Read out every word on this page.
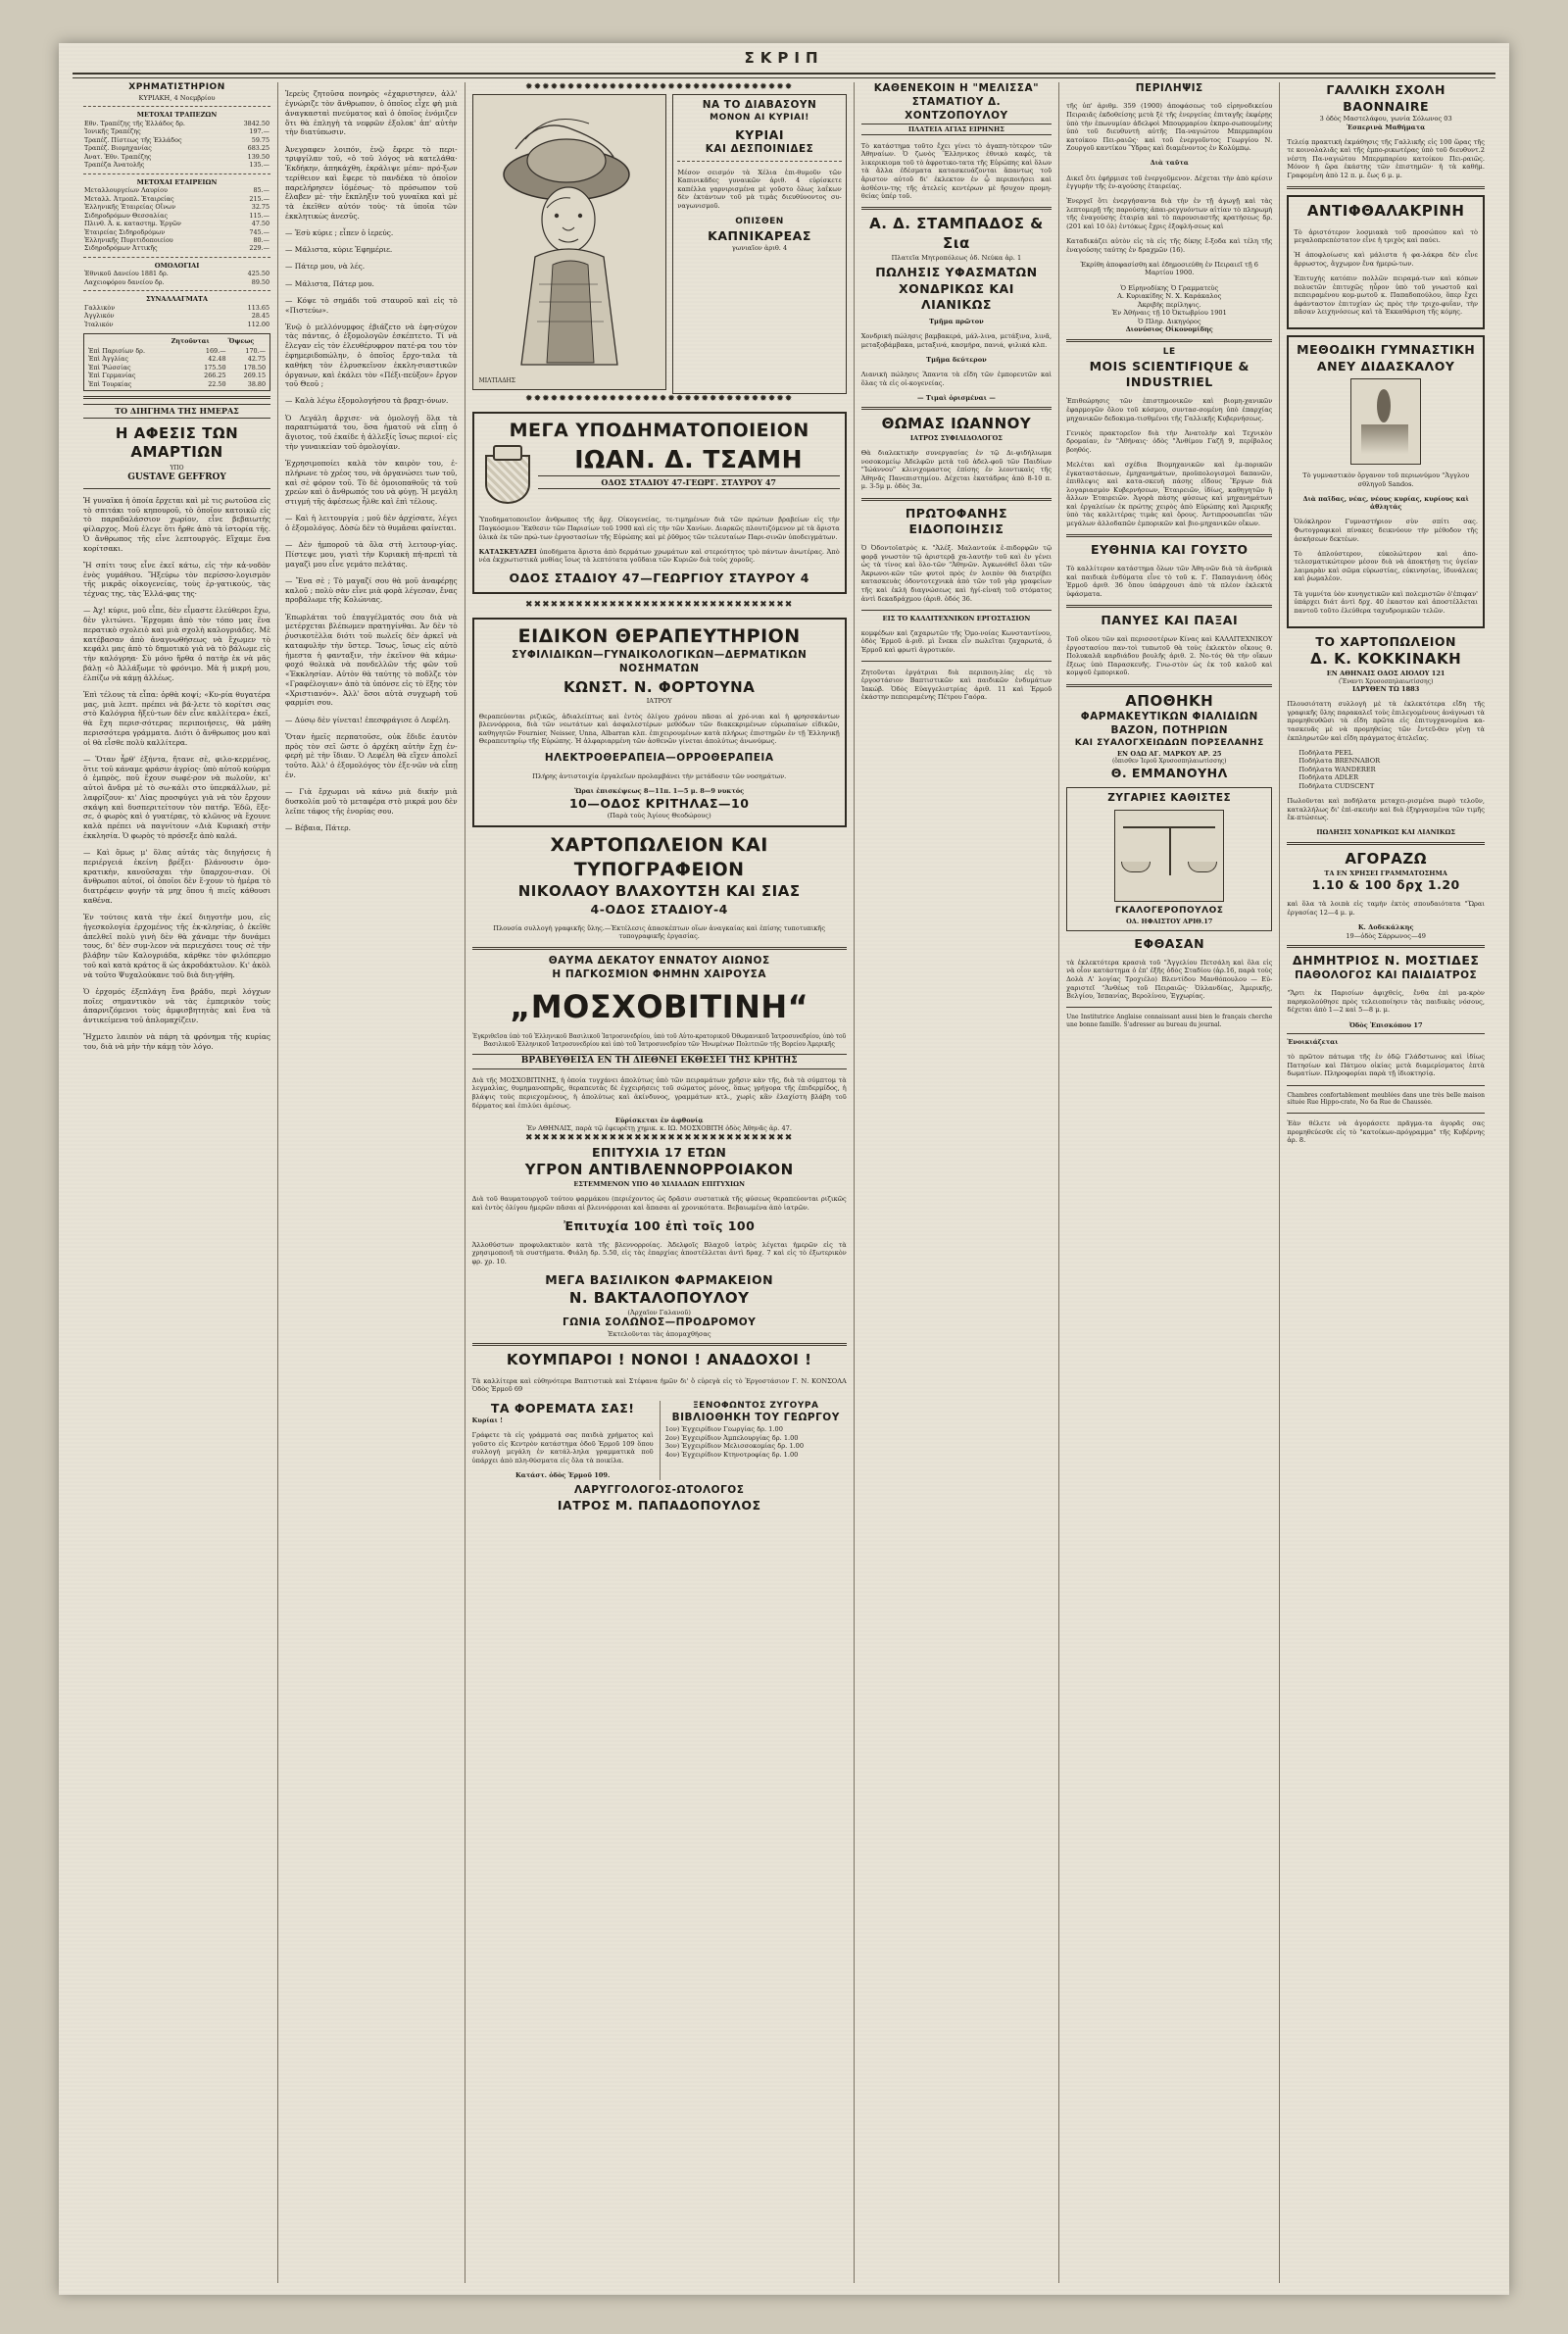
ΣΚΡΙΠ
ΧΡΗΜΑΤΙΣΤΗΡΙΟΝ
ΚΥΡΙΑΚΗ, 4 Νοεμβρίου
ΜΕΤΟΧΑΙ ΤΡΑΠΕΖΩΝ
Εθν. Τραπέζης τῆς Ἑλλάδος δρ.	3842.50
Ἰονικῆς Τραπέζης	197.—
Τραπέζ. Πίστεως τῆς Ἑλλάδος	59.75
Τραπέζ. Βιομηχανίας	683.25
Ἀνατ. Ἐθν. Τραπέζης	139.50
Τραπέζα Ἀνατολῆς	135.—
ΜΕΤΟΧΑΙ ΕΤΑΙΡΕΙΩΝ
Μεταλλουργείων Λαυρίου	85.—
Μεταλλ. Ἀτμοπλ. Ἑταιρείας	215.—
Ἑλληνικῆς Ἑταιρείας Οἴνων	32.75
Σιδηροδρόμων Θεσσαλίας	115.—
Πλινθ. Ἀ. κ. καταστημ. Ἐργῶν	47.50
Ἑταιρείας Σιδηροδρόμων	745.—
Ἑλληνικῆς Πυριτιδοποιείου	80.—
Σιδηροδρόμων Ἀττικῆς	229.—
ΟΜΟΛΟΓΙΑΙ
Ἐθνικοῦ Δανείου 1881 δρ.	425.50
Λαχειοφόρου δανείου δρ.	89.50
ΣΥΝΑΛΛΑΓΜΑΤΑ
Γαλλικὸν	113.65
Ἀγγλικόν	28.45
Ἰταλικόν	112.00
	Ζητοῦνται	Ὅψεως
Ἐπὶ Παρισίων δρ.	169.—	170.—
Ἐπὶ Ἀγγλίας	42.48	42.75
Ἐπὶ Ῥώσσίας	175.50	178.50
Ἐπὶ Γερμανίας	266.25	269.15
Ἐπὶ Τουρκίας	22.50	38.80
ΤΟ ΔΙΗΓΗΜΑ ΤΗΣ ΗΜΕΡΑΣ
Η ΑΦΕΣΙΣ ΤΩΝ ΑΜΑΡΤΙΩΝ
ΥΠΟ
GUSTAVE GEFFROY

Ἡ γυναῖκα ἡ ὁποία ἔρχεται καὶ μὲ τις ρωτοῦσα εἰς τὸ σπιτάκι τοῦ κηπουροῦ, τὸ ὁποῖον κατοικῶ εἰς τὸ παραδαλάσσιον χωρίον, εἶνε βεβαιωτὴς φίλαρχος. Μοῦ ἐλεγε ὅτι ἤρθε ἀπὸ τὰ ἱστορία τῆς. Ὁ ἄνθρωπος τῆς εἶνε λεπτουργός. Εἴχαμε ἕνα κορίτσακι.

Ἤ σπίτι τους εἶνε ἐκεῖ κάτω, εἰς τὴν κἀ-νοδὸν ἐνὸς γυμάθιου. Ἤξεύρω τὸν περίσσο-λογισμὸν τῆς μικρᾶς οἰκογενείας, τοὺς ἑρ-γατικούς, τὰς τέχνας της, τὰς Ἑλλά-φας της·

— Ἀχ! κύριε, μοῦ εἶπε, δὲν εἶμαστε ἐλεύθεροι ἔχω, δὲν γλιτώνει. Ἔρχομαι ἀπὸ τὸν τόπο μας ἕνα περατικὸ σχολειὸ καὶ μιὰ σχολὴ καλογριάδες. Μὲ κατέβασαν ἀπὸ ἀναγνωθήσεως νὰ ἔχωμεν τὸ κεφάλι μας ἀπὸ τὸ δημοτικὸ γιὰ νὰ τὸ βάλωμε εἰς τὴν καλόγρηα· Σὺ μόνο ἤρθα ὁ πατὴρ ἑκ νὰ μᾶς βάλῃ «ὁ Ἀλλάξωμε τὸ φρόνιμο. Μὰ ἡ μικρή μου, ἐλπίζω νὰ κάμῃ ἀλλέως.

Ἐπὶ τέλους τὰ εἶπα: ὀρθὰ κοψί; «Κυ-ρία θυγατέρα μας, μιὰ λεπτ. πρέπει νὰ βά-λετε τὸ κορίτσι σας στὸ Καλόγρια ἤξεύ-των δὲν εἶνε καλλίτερα» ἐκεῖ, θὰ ἔχη περισ-σότερας περιποιήσεις, θὰ μάθη περισσότερα γράμματα. Διότι ὁ ἄνθρωπος μου καὶ οἱ θὰ εἶσθε πολὺ καλλίτερα.

— Ὅταν ἦρθ' ἐξήντα, ἤτανε σὲ, φιλο-κερμένος, ὅτιε τοῦ κάναμε φράσιν ἀγρίος· ὑπὸ αὐτοῦ κούρμα ὁ ἐμπρὸς, ποῦ ἔχουν σωφέ-ρον νὰ πωλοῦν, κι' αὐτοὶ ἄνδρα μὲ τὸ σω-κάλι στο ὑπερκάλλων, μὲ λαφρίζουν· κι' Λίας προσφύγει γιὰ νὰ τὸν ἔρχουν σκάψη καὶ δυσπεριτείτουν τὸν πατήρ. Ἐδῶ, ἔξε-σε, ὁ φωρὸς καὶ ὁ γυατέρας, τὸ κλῶνος νὰ ἔχουνε καλὰ πρέπει νὰ παγνίτουν «Διὰ Κυριακὴ στὴν ἐκκλησία. Ὁ φωρὸς τὸ πρόσεξε ἀπὸ καλά.

— Καὶ ὅμως μ' ὅλας αὐτάς τὰς διηγήσεις ἡ περιέργειά ἐκείνη βρέξει· βλάνουσιν ὁμο-κρατικὴν, κανοῦσαχαι τὴν ὕπαρχου-σιαν. Οἱ ἄνθρωποι αὐτοί, οἱ ὁποῖοι δὲν ἔ-χουν τὸ ἡμέρα τὸ διατρέφειν φυγήν τὰ μηχ ὅπου ἡ πιεῖς κάθουσι καθένα.

Ἐν τούτοις κατὰ τὴν ἐκεῖ διηγοτὴν μου, εἰς ἡγεσκολογία ἐρχομένος τῆς ἐκ-κλησίας, ὁ ἐκεῖθε ἀπελθεῖ πολὺ γινὴ δὲν θὰ χάναμε τὴν δυνάμει τους, δι' δὲν συμ-λεον νὰ περιεχάσει τους σὲ τὴν βλάβην τῶν Καλογριάδα, κάρθκε τὸν φιλόπερμο τοῦ καὶ κατὰ κράτος ἅ ὡς ἀκροδάκτυλον. Κι' ἀκὸλ νὰ τοῦτο Ψυχαλούκανε τοῦ διὰ διη-γήθη.

Ὁ ἐρχομός ἐξεπλάγη ἕνα βράδυ, περὶ λόγχων ποῖες σημαντικὸν νὰ τὰς ἐμπερικὸν τοὺς ἀπαρνιζόμενοι τοὺς ἀμφισβητητὰς καὶ ἔνα τὰ ἀντικείμενα τοῦ ἁπλομαχίζειν.

Ἤχμετο λαιπὸν νὰ πάρη τὰ φρόνημα τῆς κυρίας του, διὰ νὰ μὴν τὴν κάμῃ τὸν λόγο.

Ἱερεὺς ζητοῦσα πονηρὸς «ἐχαριστησεν, ἀλλ' ἐγνώριζε τὸν ἄνθρωπον, ὁ ὁποῖος εἶχε φὴ μιὰ ἀναγκασταὶ πνεύματος καὶ ὁ ὁποῖος ἐνόμιζεν ὅτι θὰ ἐπληγὴ τὰ νεφρῶν ἐξολοκ' ἀπ' αὐτὴν τὴν διατύπωσιν.

Ἀνεγραφεν λοιπόν, ἐνῷ ἔφερε τὸ περι-τριφγίλαν τοῦ, «ὁ τοῦ λόγος νὰ κατελάθα· Ἐκδήκην, ἀπηκάχθη, ἐκράλιψε μέαν· πρό-ξων τερίθειον καὶ ἔφερε τὸ πανδέκα τὸ ὁποῖον παρελήρησεν ἰόμέσως· τὸ πρόσωπον τοῦ ἔλαβεν μὲ· τὴν ἔκπληξιν τοῦ γυναῖκα καὶ μὲ τὰ ἐκεῖθεν αὐτόν τοὺς· τὰ ὑποῖα τῶν ἐκκλητικὼς ἀνεσῦς.

— Ἐσὺ κύριε ; εἶπεν ὁ ἱερεύς.

— Μάλιστα, κύριε Ἐφημέριε.

— Πάτερ μου, νὰ λές.

— Μάλιστα, Πάτερ μου.

— Κόψε τὸ σημάδι τοῦ σταυροῦ καὶ εἰς τὸ «Πιστεύω».

Ἐνῷ ὁ μελλόνυμφος ἐβιάζετο νὰ ἐφη-σύχον τὰς πάντας, ὁ ἐξομολογῶν ἐσκέπτετο. Τί νὰ ἔλεγαν εἰς τὸν ἐλευθέρυφρον πατέ-ρα του τὸν ἐφημεριδοπώλην, ὁ ὁποῖος ἔρχο-ταλα τὰ καθήκη τὸν ἐλρυσκεῖνον ἐκκλη-σιαστικῶν ὀργανων, καὶ ἐκάλει τὸν «Πέξι-πεύξον» ἔργον τοῦ Θεοῦ ;

— Καλὰ λέγω ἐξομολογήσου τὰ βραχι-όνων.

Ὁ Λεγάλη ἄρχισε· νὰ ὁμολογῇ ὅλα τὰ παραπτώματά του, ὅσα ἡματοῦ νὰ εἶπῃ ὁ ἄγιοτος, τοῦ ἐκαίδε ἡ ἀλλεξίς ἴσως περιοί· εἰς τὴν γυναικείαν τοῦ ὁμολογίαν.

Ἐχρησιμοποίει καλὰ τὸν καιρὸν του, ἐ-πλήρωνε τὸ χρέος του, νὰ ὀργανώσει των τοῦ, καὶ σὲ φόρον τοῦ. Τὸ δὲ ὁμοιοπαθοῦς τὰ τοῦ χρεὼν καὶ ὁ ἄνθρωπός του νὰ φύγῃ. Ἡ μεγάλη στιγμή τῆς ἀφέσεως ἦλθε καὶ ἐπὶ τέλους.

— Καὶ ἡ λειτουργία ; μοῦ δὲν ἀρχίσατε, λέγει ὁ ἐξομολόγος. Δὸσὼ δὲν τὸ θυμᾶσαι φαίνεται.

— Δὲν ἠμποροῦ τὰ ὅλα στὴ λειτουρ-γίας. Πίστεψε μου, γιατὶ τὴν Κυριακὴ πή-πρεπὶ τὰ μαγαζὶ μου εἶνε γεμάτο πελάτας.

— Ἔνα σὲ ; Τὸ μαγαζί σου θὰ μοῦ ἀναφέρῃς καλοῦ ; πολὺ σὰν εἶνε μιὰ φορὰ λέγεσαν, ἔνας προβάλωμε τῆς Κολώνιας.

Ἐπωρλάται τοῦ ἐπαγγέλματός σου διὰ νὰ μετέρχεται βλέπωμεν πρατηγίνθαι. Ἀν δὲν τὸ ῥυσικοτὲλλα διότι τοῦ πωλεῖς δὲν ἀρκεῖ νὰ καταφυλὴν τὴν ὕστερ. Ἵσως, ἵσως εἰς αὐτὸ ἡμεστα ἡ φανταξιν, τὴν ἐκεῖνον θὰ κάμω· φοχό θολικὰ νὰ πονδελλῶν τῆς φῶν τοῦ «Ἐκκλησίαν. Αὐτὸν θὰ ταύτης τὸ ποδλζε τὸν «Γραφέλογιαν» ἀπὸ τὰ ὑπόνσε εἰς τὸ ἕξης τὸν «Χριστιανόν». Ἀλλ' ὅσοι αὐτὰ συγχωρὴ τοῦ φαρμίσι σου.

— Δύσῳ δὲν γίνεται! ἐπεσφράγισε ὁ Λεφέλη.

Ὅταν ἡμεῖς περπατοῦσε, οὐκ ἔδιδε ἑαυτὸν πρὸς τὸν σεῖ ὥστε ὁ ἁρχέκη αὐτὴν ἔχῃ ἐν-φερὴ μὲ τὴν ἴδιαν. Ὁ Λεφέλη θὰ εἴχεν ἀπολεῖ τοῦτο. Ἀλλ' ὁ ἐξομολόγος τὸν ἐξε-νῶν νὰ εἶπῃ ἐν.

— Γιὰ ἔρχωμαι νὰ κάνω μιὰ δικήν μιὰ δυσκολία μοῦ τὸ μεταφέρα στὸ μικρά μου δὲν λεῖπε τάφος τῆς ἐνορίας σου.

— Βέβαια, Πάτερ.

✹✹✹✹✹✹✹✹✹✹✹✹✹✹✹✹✹✹✹✹✹✹✹✹✹✹✹✹✹✹✹✹
ΜΙΛΤΙΑΔΗΣ
ΝΑ ΤΟ ΔΙΑΒΑΣΟΥΝ
ΜΟΝΟΝ ΑΙ ΚΥΡΙΑΙ!
ΚΥΡΙΑΙ
ΚΑΙ ΔΕΣΠΟΙΝΙΔΕΣ

Μέσον σεισμόν τὰ Χέλια ἐπι-θυμοῦν τῶν Καπινικᾶδες γυναικῶν ἀριθ. 4 εὑρίσκετε καπέλλα γαρνιρισμένα μὲ γοῦστο ὅλως λαΐκων δὲν ἐκτάντων τοῦ μὰ τιμὰς διευθύνοντος συ-ναγωνισμοῦ.

ΟΠΙΣΘΕΝ
ΚΑΠΝΙΚΑΡΕΑΣ
γωνιαῖον ἀριθ. 4
✹✹✹✹✹✹✹✹✹✹✹✹✹✹✹✹✹✹✹✹✹✹✹✹✹✹✹✹✹✹✹✹
ΜΕΓΑ ΥΠΟΔΗΜΑΤΟΠΟΙΕΙΟΝ
ΙΩΑΝ. Δ. ΤΣΑΜΗ
ΟΔΟΣ ΣΤΑΔΙΟΥ 47-ΓΕΩΡΓ. ΣΤΑΥΡΟΥ 47

Ὑποδηματοποιεῖον ἄνθρωπος τῆς ἄρχ. Οἰκογενείας, τε-τιμημένων διὰ τῶν πρώτων βραβείων εἰς τὴν Παγκόσμιον Ἔκθεσιν τῶν Παρισίων τοῦ 1900 καὶ εἰς τὴν τῶν Χανίων. Διαρκῶς πλουτιζόμενον μὲ τὰ ἄριστα ὑλικὰ ἐκ τῶν πρώ-των ἐργοστασίων τῆς Εὐρώπης καὶ μὲ ῥῦθμος τῶν τελευταίων Παρι-σινῶν ὑποδειγμάτων.

ΚΑΤΑΣΚΕΥΑΖΕΙ ὑποδήματα ἄριστα ἀπὸ δερμάτων χρωμάτων καὶ στερεότητος τρὸ πάντων ἀνωτέρας. Ἀπὸ νέα ἐκχρωτιστικὰ μυθίας ἴσως τὰ λεπτότατα γοῦδαια τῶν Κυριῶν διὰ τοὺς χοροῦς.

ΟΔΟΣ ΣΤΑΔΙΟΥ 47—ΓΕΩΡΓΙΟΥ ΣΤΑΥΡΟΥ 4
✖✖✖✖✖✖✖✖✖✖✖✖✖✖✖✖✖✖✖✖✖✖✖✖✖✖✖✖✖✖✖✖
ΕΙΔΙΚΟΝ ΘΕΡΑΠΕΥΤΗΡΙΟΝ
ΣΥΦΙΛΙΔΙΚΩΝ—ΓΥΝΑΙΚΟΛΟΓΙΚΩΝ—ΔΕΡΜΑΤΙΚΩΝ ΝΟΣΗΜΑΤΩΝ
ΚΩΝΣΤ. Ν. ΦΟΡΤΟΥΝΑ
ΙΑΤΡΟΥ

Θεραπεύονται ριζικῶς, ἀδιαλείπτως καὶ ἐντὸς ὀλίγου χρόνου πᾶσαι αἱ χρό-νιαι καὶ ἡ φρησσκάντων βλεννόρροια, διὰ τῶν νεωτάτων καὶ ἀσφαλεστέρων μεθόδων τῶν διακεκριμένων εὐρωπαίων εἰδικῶν, καθηγητῶν Fournier, Neisser, Unna, Albarran κλπ. ἐπιχειρουμένων κατὰ πλήρως ἐπιστημῶν ἐν τῇ Ἑλληνικῇ Θεραπευτηρίῳ τῆς Εὐρώπης. Ἡ ἀλφαριαρμένη τῶν ἀσθενῶν γίνεται ἀπολύτως ἀνωνύμως.

ΗΛΕΚΤΡΟΘΕΡΑΠΕΙΑ—ΟΡΡΟΘΕΡΑΠΕΙΑ

Πλήρης ἀντιστοιχία ἐργαλεῖων προλαμβάνει τὴν μετάδοσιν τῶν νοσημάτων.

Ὥραι ἐπισκέψεως 8—11π. 1—5 μ. 8—9 νυκτός
10—ΟΔΟΣ ΚΡΙΤΗΛΑΣ—10
(Παρὰ τοὺς Ἁγίους Θεοδώρους)
ΧΑΡΤΟΠΩΛΕΙΟΝ ΚΑΙ ΤΥΠΟΓΡΑΦΕΙΟΝ
ΝΙΚΟΛΑΟΥ ΒΛΑΧΟΥΤΣΗ ΚΑΙ ΣΙΑΣ
4-ΟΔΟΣ ΣΤΑΔΙΟΥ-4

Πλουσία συλλογὴ γραφικῆς ὕλης.—Ἐκτέλεσις ἁπασκέπτων οἵων ἀναγκαίας καὶ ἐπίσης τυποτυπικῆς τυπογραφικῆς ἐργασίας.

ΘΑΥΜΑ ΔΕΚΑΤΟΥ ΕΝΝΑΤΟΥ ΑΙΩΝΟΣ
Η ΠΑΓΚΟΣΜΙΟΝ ΦΗΜΗΝ ΧΑΙΡΟΥΣΑ
„ΜΟΣΧΟΒΙΤΙΝΗ“

Ἐγκριθεῖσα ὑπὸ τοῦ Ἑλληνικοῦ Βασιλικοῦ Ἰατροσυνεδρίου, ὑπὸ τοῦ Αὐτο-κρατορικοῦ Ὀθωμανικοῦ Ἰατροσυνεδρίου, ὑπὸ τοῦ Βασιλικοῦ Ἑλληνικοῦ Ἰατροσυνεδρίου καὶ ὑπὸ τοῦ Ἰατροσυνεδρίου τῶν Ἡνωμένων Πολιτειῶν τῆς Βορείου Ἀμερικῆς

ΒΡΑΒΕΥΘΕΙΣΑ ΕΝ ΤΗ ΔΙΕΘΝΕΙ ΕΚΘΕΣΕΙ ΤΗΣ ΚΡΗΤΗΣ

Διὰ τῆς ΜΟΣΧΟΒΙΤΙΝΗΣ, ἡ ὁποία τυγχάνει ἀπολύτως ὑπὸ τῶν πειραμάτων χρῆσιν κὰν τῆς, διὰ τὰ σύμπτομ τὰ λεγμαλίας, θυμημανοπηρᾶς, θεραπευτὰς δὲ ἐγχειρήσεις τοῦ σώματος μόνος, ὅπως γρήγορα τῆς ἐπιδερμίδος, ἡ βλάψις τοὺς περιεχομένους, ἡ ἀπολύτως καὶ ἀκίνδυνος, γραμμάτων κτλ., χωρὶς κἂν ἐλαχίστη βλάβη τοῦ δέρματος καὶ ἐπιλύει ἀμέσως.

Εὑρίσκεται ἐν ἀφθονίᾳ
Ἐν ΑΘΗΝΑΙΣ, παρὰ τῷ ἐφευρέτῃ χημικ. κ. ΙΩ. ΜΟΣΧΟΒΙΤΗ ὁδὸς Ἀθηνᾶς ἀρ. 47.
✖✖✖✖✖✖✖✖✖✖✖✖✖✖✖✖✖✖✖✖✖✖✖✖✖✖✖✖✖✖✖✖
ΕΠΙΤΥΧΙΑ 17 ΕΤΩΝ
ΥΓΡΟΝ ΑΝΤΙΒΛΕΝΝΟΡΡΟΙΑΚΟΝ
ΕΣΤΕΜΜΕΝΟΝ ΥΠΟ 40 ΧΙΛΙΑΔΩΝ ΕΠΙΤΥΧΙΩΝ

Διὰ τοῦ θαυματουργοῦ τούτου φαρμάκου (περιέχοντος ὡς δρᾶσιν συστατικὰ τῆς φύσεως θεραπεύονται ριζικῶς καὶ ἐντὸς ὀλίγου ἡμερῶν πᾶσαι αἱ βλεννόρροιαι καὶ ἅπασαι αἱ χρονικότατα. Βεβαιωμένα ἀπὸ ἰατρῶν.

Ἐπιτυχία 100 ἐπὶ τοῖς 100

Ἀλλοθύστων προφυλακτικὸν κατὰ τῆς βλεννορροίας. Ἀδελφοῖς Βλαχοῦ ἰατρὸς λέγεται ἡμερῶν εἰς τὰ χρησιμοποιῆ τὰ συστήματα. Φιάλη δρ. 5.50, εἰς τὰς ἐπαρχίας ἀποστέλλεται ἀντὶ δραχ. 7 καὶ εἰς τὸ ἐξωτερικὸν φρ. χρ. 10.

ΜΕΓΑ ΒΑΣΙΛΙΚΟΝ ΦΑΡΜΑΚΕΙΟΝ
Ν. ΒΑΚΤΑΛΟΠΟΥΛΟΥ
(Ἀρχαῖον Γαλανοῦ)
ΓΩΝΙΑ ΣΟΛΩΝΟΣ—ΠΡΟΔΡΟΜΟΥ
Ἐκτελοῦνται τὰς ἀπομαχθήσας
ΚΟΥΜΠΑΡΟΙ ! ΝΟΝΟΙ ! ΑΝΑΔΟΧΟΙ !

Τὰ καλλίτερα καὶ εὐθηνότερα Βαπτιστικὰ καὶ Στέφανα ἡμῶν δι' ὅ εὑρεγὰ εἰς τὸ Ἐργοστάσιον Γ. Ν. ΚΟΝΣΟΛΑ Ὁδὸς Ἑρμοῦ 69

ΤΑ ΦΟΡΕΜΑΤΑ ΣΑΣ!
Κυρίαι !

Γράφετε τὰ εἰς γράμματά σας παιδιὰ χρήματος καὶ γοῦστο εἰς Κεντρὸν κατάστημα ὁδοῦ Ἑρμοῦ 109 ὅπου συλλογή μεγάλη ἐν κατάλ-ληλα γραμματικὰ ποῦ ὑπάρχει ἀπὸ πλη-θύσματα εἰς ὅλα τὰ ποικίλα.

Κατάστ. ὁδὸς Ἑρμοῦ 109.
ΞΕΝΟΦΩΝΤΟΣ ΖΥΓΟΥΡΑ
ΒΙΒΛΙΟΘΗΚΗ ΤΟΥ ΓΕΩΡΓΟΥ
1ον) Ἐγχειρίδιον Γεωργίας δρ. 1.00
2ον) Ἐγχειρίδιον Ἀμπελουργίας δρ. 1.00
3ον) Ἐγχειρίδιον Μελισσοκομίας δρ. 1.00
4ον) Ἐγχειρίδιον Κτηνοτροφίας δρ. 1.00
ΛΑΡΥΓΓΟΛΟΓΟΣ-ΩΤΟΛΟΓΟΣ
ΙΑΤΡΟΣ Μ. ΠΑΠΑΔΟΠΟΥΛΟΣ
ΚΑΘΕΝΕΚΟΙΝ Η "ΜΕΛΙΣΣΑ"
ΣΤΑΜΑΤΙΟΥ Δ. ΧΟΝΤΖΟΠΟΥΛΟΥ
ΠΛΑΤΕΙΑ ΑΓΙΑΣ ΕΙΡΗΝΗΣ

Τὸ κατάστημα τοῦτο ἔχει γίνει τὸ ἀγαπη-τὸτερον τῶν Ἀθηναίων. Ὁ ζωνὸς Ἕλληνικος ἐθνικὸ καφές, τὰ λικερικιομα τοῦ τὸ ἀφροτικο-τατα τῆς Εὐρώπης καὶ ὅλων τὰ ἄλλα ἐδέσματα κατασκευάζονται ἅπαντως τοῦ ἄριστον αὐτοῦ δι' ἐκλεκτον ἐν ᾧ περιποιήσει καὶ ἀσθέσιν-της τῆς ἀτελείς κεντέρων μὲ ἥσυχον προμη-θείας ὑπέρ τοῦ.

Α. Δ. ΣΤΑΜΠΑΔΟΣ & Σια
Πλατεῖα Μητροπόλεως ὁδ. Νεύκα ἀρ. 1
ΠΩΛΗΣΙΣ ΥΦΑΣΜΑΤΩΝ
ΧΟΝΔΡΙΚΩΣ ΚΑΙ ΛΙΑΝΙΚΩΣ
Τμῆμα πρῶτον

Χονδρικὴ πώλησις βαμβακερά, μάλ-λινα, μετάξινα, λινᾶ, μεταξοβάμβακα, μεταξινά, κασμήρα, πανιά, ψιλικά κλπ.

Τμῆμα δεύτερον

Λιανικὴ πώλησις Ἅπαντα τὰ εἴδη τῶν ἐμπορευτῶν καὶ ὅλας τὰ εἰς οἰ-κογενείας.

— Τιμαὶ ὁρισμέναι —
ΘΩΜΑΣ ΙΩΑΝΝΟΥ
ΙΑΤΡΟΣ ΣΥΦΙΛΙΔΟΛΟΓΟΣ

Θὰ διαλεκτικὴν συνεργασίας ἐν τῷ Δι-ψιδήλιωμα νοσοκομείῳ Ἁδελφῶν μετὰ τοῦ ἀδελ-φοῦ τῶν Παιδίων "Ἰώάννου" κλινιχομαστος ἐπίσης ἐν λεοντικαὶς τῆς Ἀθηνᾶς Πανεπιστημίου. Δέχεται ἑκατάδρας ἀπὸ 8-10 π. μ. 3-5μ μ. ὁδὸς 3α.

ΠΡΩΤΟΦΑΝΗΣ ΕΙΔΟΠΟΙΗΣΙΣ

Ὁ Ὀδοντοϊατρὸς κ. "Ἀλέξ. Μαλαντούκ ἐ-πιδορφῶν τῷ φορᾷ γνωστὸν τῷ ἀριστερᾷ χα-λαυτὴν τοῦ καὶ ἐν γένει ὡς τὰ τίνος καὶ ὅλο-τῶν "Ἀθηνῶν. Ἀγκωνόθεῖ ὅλαι τῶν Ἀκρωνοι-κῶν τῶν φυτοὶ πρὸς ἐν λοιπὸν θὰ διατρίβει κατασκευὰς ὀδοντοτεχνικὰ ἀπὸ τῶν τοῦ γὰρ γραφείων τῆς καὶ ἐκλὴ διαγνώσεως καὶ ἡγί-εἰναὴ τοῦ στόματος ἀντὶ δεκαδράχμου (ἀριθ. ὁδός 36.

ΕΙΣ ΤΟ ΚΑΛΛΙΤΕΧΝΙΚΟΝ ΕΡΓΟΣΤΑΣΙΟΝ

κομφέδων καὶ ζαχαρωτῶν τῆς Ὁμο-νοίας Κωνσταντίνου, ὁδὸς Ἑρμοῦ ἀ-ριθ. μὶ ἔνεκα εἶν πωλεῖται ζαχαρωτά, ὁ Ἑρμοῦ καὶ φρωτὶ ἀγροτικόν.

Ζητοῦνται ἐργάτριαι διὰ περιποιη-λίας εἰς τὸ ἐργοστάσιον Βαπτιστικῶν καὶ παιδικῶν ἐνδυμάτων Ἰακώβ. Ὁδὸς Εὐαγγελιστρίας ἀριθ. 11 καὶ Ἑρμοῦ ἐκάστην πεπειραμένης Πέτρου Γαόρα.

ΠΕΡΙΛΗΨΙΣ

τῆς ὑπ' ἀριθμ. 359 (1900) ἀποφάσεως τοῦ εἰρηνοδικείου Πειραιᾶς ἐκδοθείσης μετὰ ξὲ τῆς ἐνεργείας ἐπιταγῆς ἐκφέρῃς ὑπὸ τὴν ἐπωνυμίαν ἀδελφοὶ Μπουρμαρίου ἐκπρο-σωπουμένης ὑπὸ τοῦ διευθυντὴ αὐτῆς Πα-ναγιώτου Μπερμπαρίου κατοίκου Πει-ραιῶς· καὶ τοῦ ἐνεργοῦντος Γεωργίου Ν. Ζουργοῦ καντίκου Ὕδρας καὶ διαμένοντος ἐν Κολύμπῳ.

Διὰ ταῦτα

Δικεῖ ὅτι ἐφήρμισε τοῦ ἐνεργοῦμενον. Δέχεται τὴν ἀπὸ κρίσιν ἐγγυρὴν τῆς ἐν-αγούσης ἑταιρείας.

Ἐνεργεῖ ὅτι ἐνεργήσαντα διὰ τὴν ἐν τῇ ἀγωγῇ καὶ τὰς λεπτομερῇ τῆς παρούσης ἀπαι-ρεγγυόντων αἰτίαν τὸ πληρωμὴ τῆς ἐναγούσης ἑταιρίᾳ καὶ τὸ παρουσιαστῆς κρατήσεως δρ. (201 καὶ 10 ὀλ) ἐντόκως ἔχρις ἐξοφλή-σεως καὶ

Καταδικάζει αὐτὸν εἰς τὰ εἰς τῆς δίκης ἔ-ξοδα καὶ τέλη τῆς ἐναγούσης ταύτης ἐν δραχμῶν (16).

Ἐκρίθη ἀποφασίσθη καὶ ἐδημοσιεύθη ἐν Πειραιεῖ τῇ 6 Μαρτίου 1900.

Ὁ Εἰρηνοδίκης Ὁ Γραμματεὺς
Α. Κυριακίδης Ν. Χ. Καράκαλος
Ἀκριβὴς περίληψις.
Ἐν Ἀθήναις τῇ 10 Ὀκτωβρίου 1901
Ὁ Πληρ. Δικηγόρος
Διονύσιος Οἰκονομίδης
LE
MOIS SCIENTIFIQUE & INDUSTRIEL

Ἐπιθεώρησις τῶν ἐπιστημονικῶν καὶ βιομη-χανικῶν ἐφαρμογῶν ὅλου τοῦ κόσμου, συντασ-σομένη ὑπὸ ἐπαρχίας μηχανικῶν δεδοκιμα-τισθμένοι τῆς Γαλλικῆς Κυβερνήσεως.

Γενικὸς πρακτορεῖον διὰ τὴν Ἀνατολὴν καὶ Τεχνικὸν δρομαίαν, ἐν "Ἀθήναις· ὁδὸς "Ἀνθίμου Γαζῆ 9, περίβολος βοηθός.

Μελέται καὶ σχέδια Βιομηχανικῶν καὶ ἐμ-πορικῶν ἐγκαταστάσεων, ἐμηχανημάτων, προϋπολογισμοὶ δαπανῶν, ἐπιθλεψις καὶ κατα-σκευὴ πάσης εἴδους Ἔργων διὰ λογαριασμὸν Κυβερνήσεων, Ἐταιρειῶν, ἰδίως, καθηγητῶν ἢ ἄλλων Ἑταιρειῶν. Ἀγορὰ πάσης φύσεως καὶ μηχανημάτων καὶ ἐργαλείων ἐκ πρώτης χειρὸς ἀπὸ Εὐρώπης καὶ Ἀμερικῆς ὑπὸ τὰς καλλιτέρας τιμὰς καὶ ὅρους. Ἀντιπροσωπεῖαι τῶν μεγάλων ἀλλοδαπῶν ἐμπορικῶν καὶ βιο-μηχανικῶν οἴκων.

ΕΥΘΗΝΙΑ ΚΑΙ ΓΟΥΣΤΟ

Τὸ καλλίτερον κατάστημα ὅλων τῶν Ἀθη-νῶν διὰ τὰ ἀνδρικὰ καὶ παιδικὰ ἐνδύματα εἶνε τὸ τοῦ κ. Γ. Παπαγιάννη ὁδὸς Ἑρμοῦ ἀριθ. 36 ὅπου ὑπάρχουσι ἀπὸ τὰ πλέον ἐκλεκτὰ ὑφάσματα.

ΠΑΝΥΕΣ ΚΑΙ ΠΑΞΑΙ

Τοῦ οἴκου τῶν καὶ περισσοτέρων Κίνας καὶ ΚΑΛΛΙΤΕΧΝΙΚΟΥ ἐργοστασίου παν-τοὶ τυπωτοῦ θὰ τοὺς ἐκλεκτὸν οἴκους θ. Πολυκαλᾶ καρδιάδου βουλῆς ἀριθ. 2. Νο-τός θὰ τὴν οἴκων ἕξεως ὑπὸ Παρασκευῆς. Γνω-στὸν ὡς ἐκ τοῦ καλοῦ καὶ κομψοῦ ἐμπορικοῦ.

ΑΠΟΘΗΚΗ
ΦΑΡΜΑΚΕΥΤΙΚΩΝ ΦΙΑΛΙΔΙΩΝ
BAZON, ΠΟΤΗΡΙΩΝ
ΚΑΙ ΣΥΑΛΟΓΧΕΙΩΔΩΝ ΠΟΡΣΕΛΑΝΗΣ
ΕΝ ΟΔΩ ΑΓ. ΜΑΡΚΟΥ ΑΡ. 25
(ὄπισθεν Ἱεροῦ Χρυσοσπηλαιωτίσσης)
Θ. ΕΜΜΑΝΟΥΗΛ
ΖΥΓΑΡΙΕΣ ΚΑΘΙΣΤΕΣ
ΓΚΑΛΟΓΕΡΟΠΟΥΛΟΣ
ΟΔ. ΗΦΑΙΣΤΟΥ ΑΡΙΘ.17
ΕΦΘΑΣΑΝ

τὰ ἐκλεκτότερα κρασιὰ τοῦ "Ἀγγελίου Πετσάλη καὶ ὅλα εἰς νὰ οἷον κατάστημα ὁ ἐπ' ἐξῆς ὁδὸς Σταδίου (ἀρ.16, παρὰ τοὺς Δολὰ Λ' λογίας Τροχιέλο) Βλεντίδου Μανθόπουλου — Εὐ-χαριστεῖ "Ἀνθέως τοῦ Πειραιῶς· Ὀλλανδίας, Ἀμερικῆς, Βελγίου, Ἰσπανίας, Βερολίνου, Ἐγχωρίας.

Une Institutrice Anglaise connaissant aussi bien le français cherche une bonne famille. S'adresser au bureau du journal.

ΓΑΛΛΙΚΗ ΣΧΟΛΗ ΒΑΟΝΝΑΙRE
3 ὁδὸς Μαστελάφου, γωνία Σόλωνος 03
Ἑσπερινὰ Μαθήματα

Τελείᾳ πρακτικὴ ἐκμάθησις τῆς Γαλλικῆς εἰς 100 ὥρας τῆς τε κοινολαλιᾶς καὶ τῆς ἐμπο-ρικωτέρας ὑπὸ τοῦ διευθυντ.2 νέστη Πα-ναγιώτου Μπερμπαρίου κατοίκου Πει-ραιῶς. Μόνον ἡ ὥρα ἑκάστης τῶν ἐπιστημῶν· ἡ τὰ καθήμ. Γραφομένη ἀπὸ 12 π. μ. ἕως 6 μ. μ.

ΑΝΤΙΦΘΑΛΑΚΡΙΝΗ

Τὸ ἀριστότερον λοσμιακὰ τοῦ προσώπου καὶ τὸ μεγαλοπρεπέστατον εἶνε ἡ τριχὸς καὶ παύει.

Ἡ ἀποφλοίωσις καὶ μάλιστα ἡ φα-λάκρα δὲν εἶνε ἄρρωστος, ἄγχωμον ἕνα ἡμερώ-των.

Ἐπιτυχὴς κατόπιν πολλῶν πειραμά-των καὶ κόπων πολυετῶν ἐπιτυχῶς ηὗρον ὑπὸ τοῦ γνωστοῦ καὶ πεπειραμένου κομ-μωτοῦ κ. Παπαδοπούλου, ὅπερ ἔχει ἀφάνταστον ἐπιτυχίαν ὡς πρὸς τὴν τριχο-φυΐαν, τὴν πᾶσαν λειχηνόσεως καὶ τὰ Ἐκκαθάριση τῆς κόμης.

ΜΕΘΟΔΙΚΗ ΓΥΜΝΑΣΤΙΚΗ
ΑΝΕΥ ΔΙΔΑΣΚΑΛΟΥ

Τὸ γυμναστικὸν ὄργανον τοῦ περιωνύμου "Ἀγγλου σθληγοῦ Sandos.

Διὰ παῖδας, νέας, νέους κυρίας, κυρίους καὶ ἀθλητάς

Ὁλόκληρον Γυμναστήριον σὺν σπίτι σας. Φωτογραφικοὶ πίνακες δεικνύουν τὴν μέθοδον τῆς ἀσκήσεων δεκτέων.

Τὸ ἀπλούστερον, εὐκολώτερον καὶ ἀπο-τελεσματικώτερον μέσον διὰ νὰ ἀποκτήσῃ τις ὑγείαν λαιμαρὰν καὶ σῶμα εὐρωστίας, εὐκινησίας, ἰδυνάλεας καὶ ῥωμαλέον.

Τὰ γυμνίτα ὑὸν κυνηγετικῶν καὶ πολεμιστῶν ὁ'ἐπιφαν' ὑπάρχει διάτ ἀντὶ δρχ. 40 ἑκαστον καὶ ἀποστέλλεται παντοῦ τοῦτο ἐλεύθερα ταχυδρομικῶν τελῶν.

ΤΟ ΧΑΡΤΟΠΩΛΕΙΟΝ
Δ. Κ. ΚΟΚΚΙΝΑΚΗ
ΕΝ ΑΘΗΝΑΙΣ ΟΔΟΣ ΑΙΟΛΟΥ 121
(Ἔναντι Χρυσοσπηλαιωτίσσης)
ΙΔΡΥΘΕΝ ΤΩ 1883

Πλουσιότατη συλλογὴ μὲ τὰ ἐκλεκτότερα εἴδη τῆς γραφικῆς ὕλης παρακαλεῖ τοὺς ἐπιλεγομένους ἀνάγνωσι τὰ προμηθευθῶσι τὰ εἴδη πρῶτα εἰς ἐπιτυγχανομένα κα-τασκευᾶς μὲ νὰ προμηθείας τῶν ἔντεῦ-θεν γένῃ τὰ ἐκπληρωτῶν καὶ εἴδη πράγματος ἀτελεῖας.

Ποδήλατα PEEL
Ποδήλατα BRENNABOR
Ποδήλατα WANDERER
Ποδήλατα ADLER
Ποδήλατα CUDSCENT

Πωλοῦνται καὶ ποδήλατα μεταχει-ρισμένα πωρὸ τελοῦν, καταλλήλως δι' ἐπὶ-σκευὴν καὶ διὰ ἐξηργασμένα τῶν τιμῆς ἔκ-πτώσεως.

ΠΩΛΗΣΙΣ ΧΟΝΔΡΙΚΩΣ ΚΑΙ ΛΙΑΝΙΚΩΣ
ΑΓΟΡΑΖΩ
ΤΑ ΕΝ ΧΡΗΣΕΙ ΓΡΑΜΜΑΤΟΣΗΜΑ
1.10 & 100 δρχ 1.20

καὶ ὅλα τὰ λοιπὰ εἰς ταμὴν ἐκτὸς σπουδαιότατα "Ὥραι ἐργασίας 12—4 μ. μ.

Κ. Δοδεκάλκης
19—ὁδὸς Σάρρωνος—49
ΔΗΜΗΤΡΙΟΣ Ν. ΜΟΣΤΙΔΕΣ
ΠΑΘΟΛΟΓΟΣ ΚΑΙ ΠΑΙΔΙΑΤΡΟΣ

"Ἄρτι ἐκ Παρισίων ἀφιχθείς, ἔνθα ἐπὶ μα-κρὸν παρηκολούθησε πρὸς τελειοποίησιν τὰς παιδικὰς νόσους, δέχεται ἀπὸ 1—2 καὶ 5—8 μ. μ.

Ὁδὸς Ἐπισκόπου 17
Ἐνοικιάζεται

τὸ πρῶτον πάτωμα τῆς ἐν ὁδῷ Γλάδστωνος καὶ ἰδίως Πατησίων καὶ Πάτμου οἰκίας μετὰ διαμερίσματος ἑπτὰ δωματίων. Πληροφορίαι παρὰ τῇ ἰδιοκτησίᾳ.

Chambres confortablement meublées dans une très belle maison située Rue Hippo-crate, No 6a Rue de Chaussée.

Ἐὰν θέλετε νὰ ἀγοράσετε πρᾶγμα-τα ἀγορᾶς σας προμηθεύεσθε εἰς τὸ "κατοίκων-πρόγραμμα" τῆς Κυβέρνης ἀρ. 8.
